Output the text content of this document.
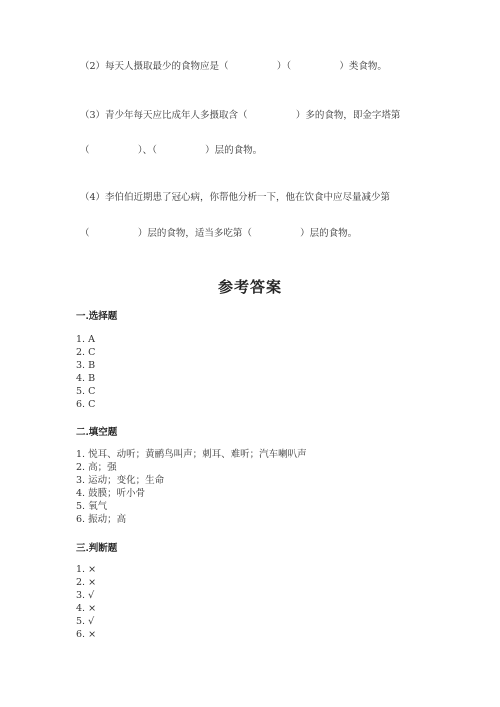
（2）每天人摄取最少的食物应是（                ）（                ）类食物。
（3）青少年每天应比成年人多摄取含（                ）多的食物，即金字塔第
（                ）、（                ）层的食物。
（4）李伯伯近期患了冠心病，你帮他分析一下，他在饮食中应尽量减少第
（                ）层的食物，适当多吃第（                ）层的食物。
参考答案
一.选择题
1. A
2. C
3. B
4. B
5. C
6. C
二.填空题
1. 悦耳、动听；黄鹂鸟叫声；刺耳、难听；汽车喇叭声
2. 高；强
3. 运动；变化；生命
4. 鼓膜；听小骨
5. 氧气
6. 振动；高
三.判断题
1. ×
2. ×
3. √
4. ×
5. √
6. ×
